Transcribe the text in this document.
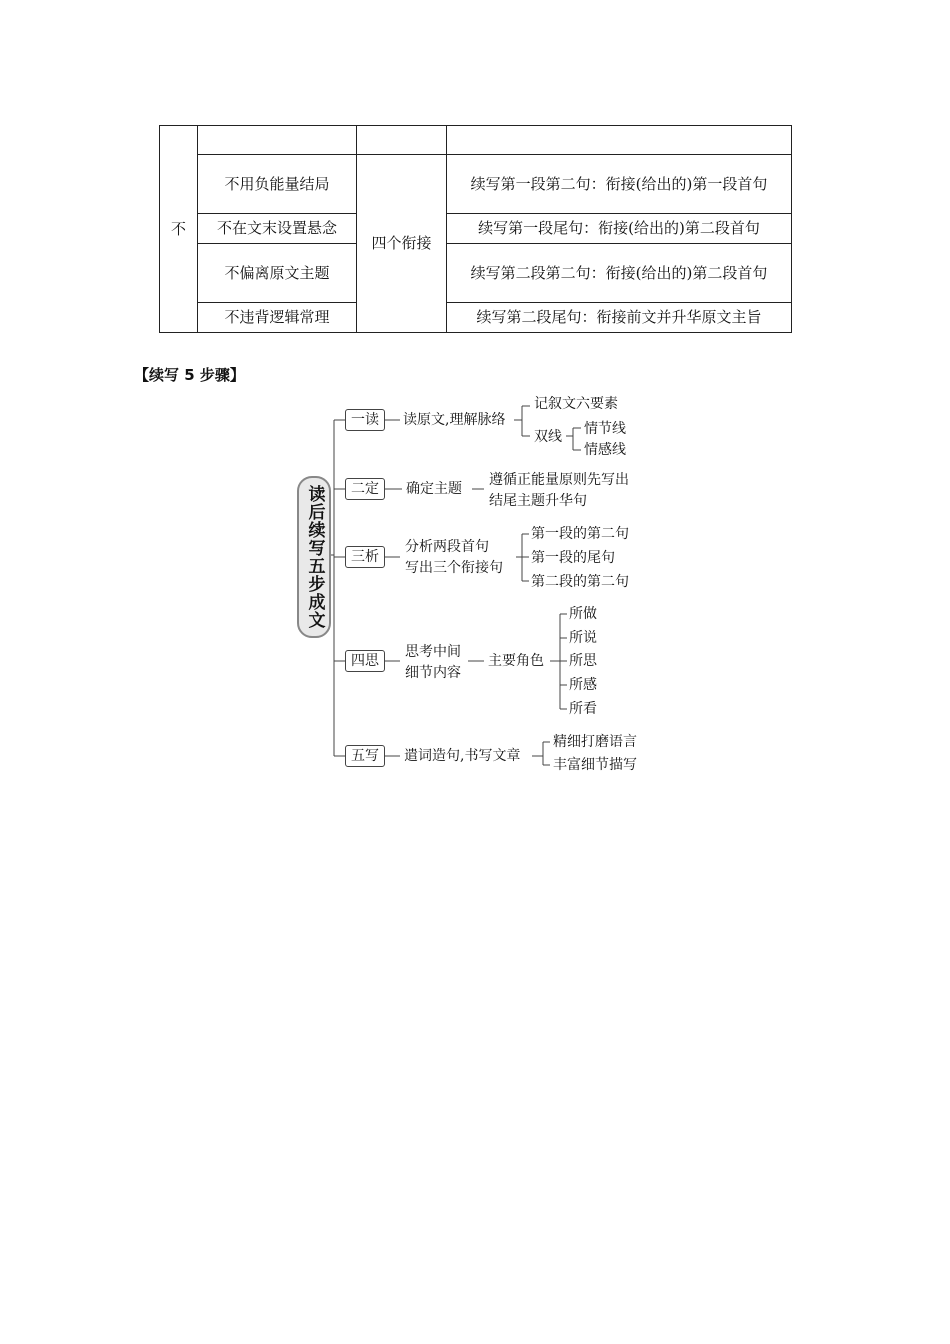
不			
	不用负能量结局	四个衔接	续写第一段第二句：衔接(给出的)第一段首句
	不在文末设置悬念		续写第一段尾句：衔接(给出的)第二段首句
	不偏离原文主题		续写第二段第二句：衔接(给出的)第二段首句
	不违背逻辑常理		续写第二段尾句：衔接前文并升华原文主旨
【续写 5 步骤】
读后续写五步成文
一读
二定
三析
四思
五写
读原文,理解脉络
记叙文六要素
双线 情节线
情感线
确定主题
遵循正能量原则先写出
结尾主题升华句
分析两段首句
写出三个衔接句
第一段的第二句
第一段的尾句
第二段的第二句
思考中间
细节内容
主要角色
所做
所说
所思
所感
所看
遣词造句,书写文章
精细打磨语言
丰富细节描写
